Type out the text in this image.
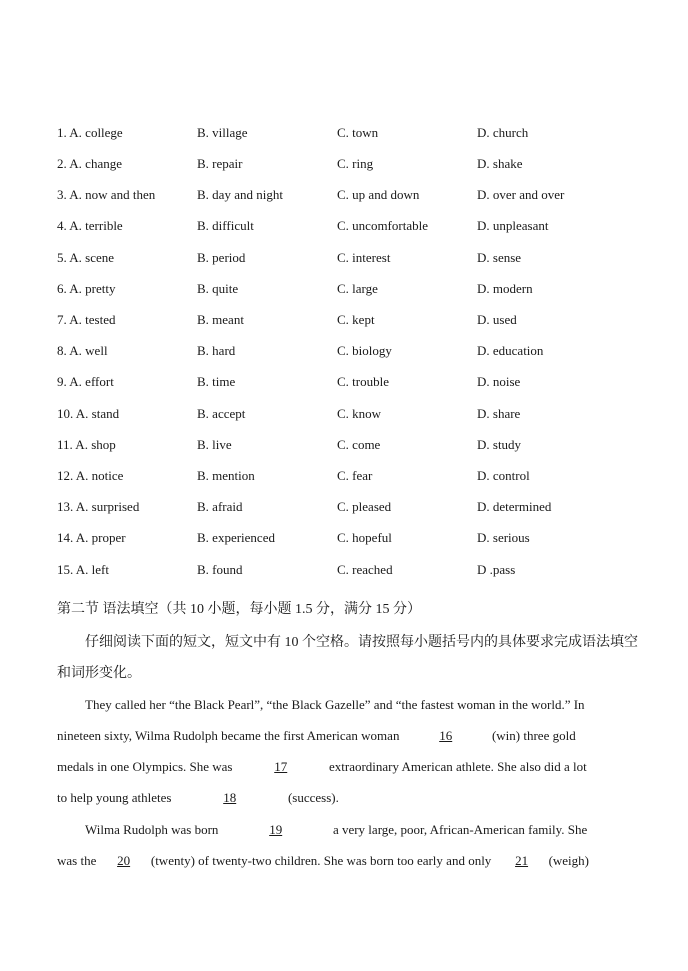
1. A. college	B. village	C. town	D. church
2. A. change	B. repair	C. ring	D. shake
3. A. now and then	B. day and night	C. up and down	D. over and over
4. A. terrible	B. difficult	C. uncomfortable	D. unpleasant
5. A. scene	B. period	C. interest	D. sense
6. A. pretty	B. quite	C. large	D. modern
7. A. tested	B. meant	C. kept	D. used
8. A. well	B. hard	C. biology	D. education
9. A. effort	B. time	C. trouble	D. noise
10. A. stand	B. accept	C. know	D. share
11. A. shop	B. live	C. come	D. study
12. A. notice	B. mention	C. fear	D. control
13. A. surprised	B. afraid	C. pleased	D. determined
14. A. proper	B. experienced	C. hopeful	D. serious
15. A. left	B. found	C. reached	D .pass
第二节 语法填空（共 10 小题，每小题 1.5 分，满分 15 分）
仔细阅读下面的短文，短文中有 10 个空格。请按照每小题括号内的具体要求完成语法填空
和词形变化。
They called her “the Black Pearl”, “the Black Gazelle” and “the fastest woman in the world.” In
nineteen sixty, Wilma Rudolph became the first American woman	16	(win) three gold
medals in one Olympics. She was	17	extraordinary American athlete. She also did a lot
to help young athletes	18	(success).
Wilma Rudolph was born	19	a very large, poor, African-American family. She
was the 20 (twenty) of twenty-two children. She was born too early and only 21 (weigh)
